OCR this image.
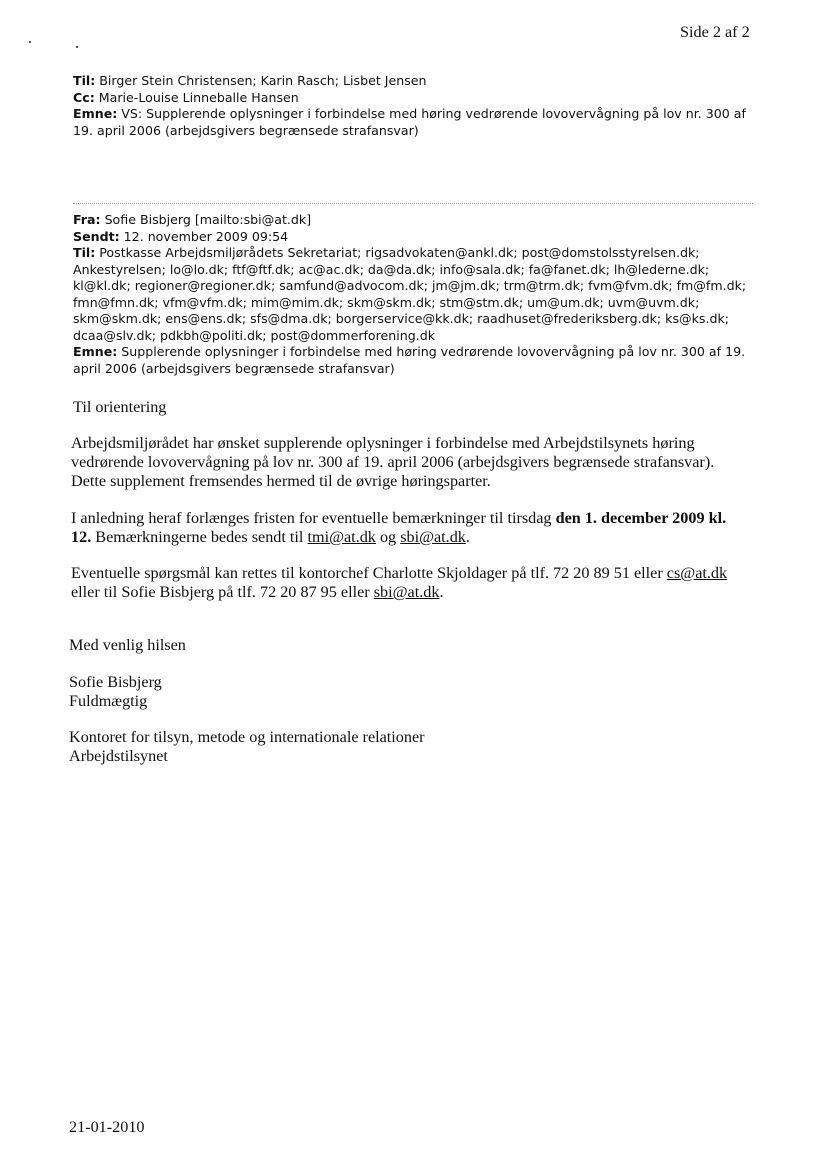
Side 2 af 2
Til: Birger Stein Christensen; Karin Rasch; Lisbet Jensen
Cc: Marie-Louise Linneballe Hansen
Emne: VS: Supplerende oplysninger i forbindelse med høring vedrørende lovovervågning på lov nr. 300 af
19. april 2006 (arbejdsgivers begrænsede strafansvar)
Fra: Sofie Bisbjerg [mailto:sbi@at.dk]
Sendt: 12. november 2009 09:54
Til: Postkasse Arbejdsmiljørådets Sekretariat; rigsadvokaten@ankl.dk; post@domstolsstyrelsen.dk;
Ankestyrelsen; lo@lo.dk; ftf@ftf.dk; ac@ac.dk; da@da.dk; info@sala.dk; fa@fanet.dk; lh@lederne.dk;
kl@kl.dk; regioner@regioner.dk; samfund@advocom.dk; jm@jm.dk; trm@trm.dk; fvm@fvm.dk; fm@fm.dk;
fmn@fmn.dk; vfm@vfm.dk; mim@mim.dk; skm@skm.dk; stm@stm.dk; um@um.dk; uvm@uvm.dk;
skm@skm.dk; ens@ens.dk; sfs@dma.dk; borgerservice@kk.dk; raadhuset@frederiksberg.dk; ks@ks.dk;
dcaa@slv.dk; pdkbh@politi.dk; post@dommerforening.dk
Emne: Supplerende oplysninger i forbindelse med høring vedrørende lovovervågning på lov nr. 300 af 19.
april 2006 (arbejdsgivers begrænsede strafansvar)
Til orientering
Arbejdsmiljørådet har ønsket supplerende oplysninger i forbindelse med Arbejdstilsynets høring
vedrørende lovovervågning på lov nr. 300 af 19. april 2006 (arbejdsgivers begrænsede strafansvar).
Dette supplement fremsendes hermed til de øvrige høringsparter.
I anledning heraf forlænges fristen for eventuelle bemærkninger til tirsdag den 1. december 2009 kl.
12. Bemærkningerne bedes sendt til tmi@at.dk og sbi@at.dk.
Eventuelle spørgsmål kan rettes til kontorchef Charlotte Skjoldager på tlf. 72 20 89 51 eller cs@at.dk
eller til Sofie Bisbjerg på tlf. 72 20 87 95 eller sbi@at.dk.
Med venlig hilsen
Sofie Bisbjerg
Fuldmægtig
Kontoret for tilsyn, metode og internationale relationer
Arbejdstilsynet
21-01-2010
